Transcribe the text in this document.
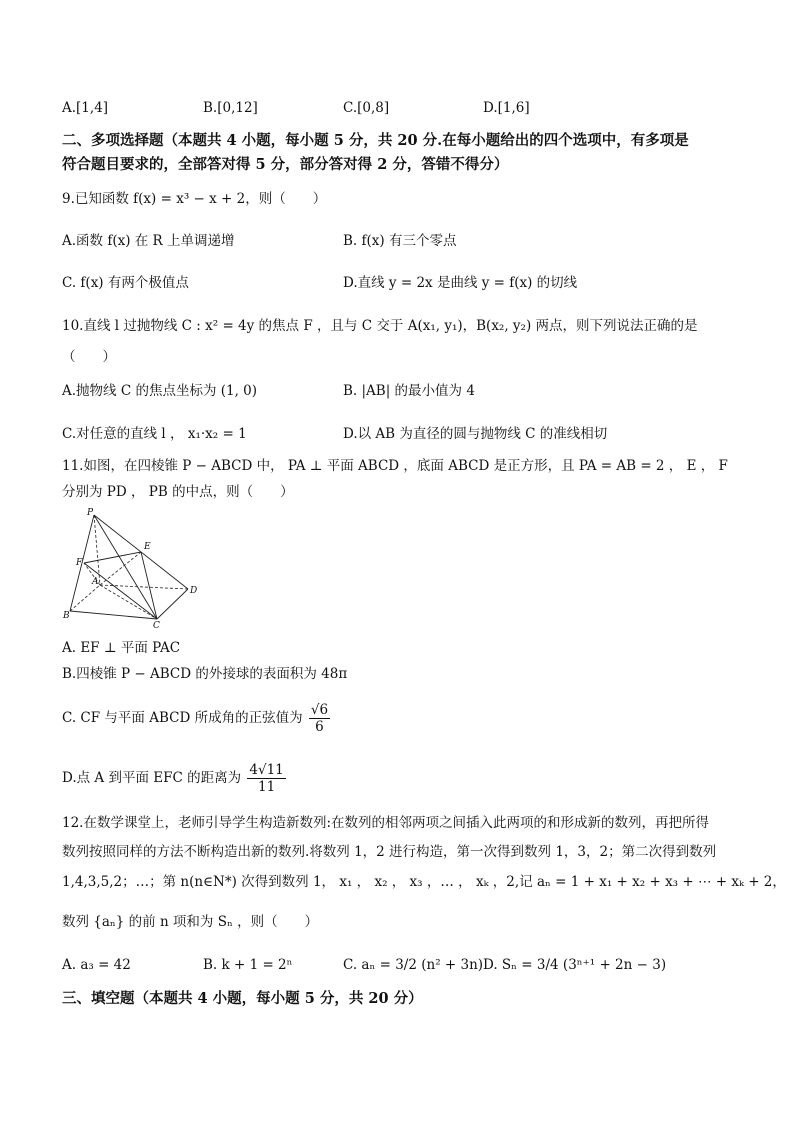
A.[1,4]	B.[0,12]	C.[0,8]	D.[1,6]
二、多项选择题（本题共 4 小题，每小题 5 分，共 20 分.在每小题给出的四个选项中，有多项是
符合题目要求的，全部答对得 5 分，部分答对得 2 分，答错不得分）
9.已知函数 f(x) = x³ − x + 2，则（　　）
A.函数 f(x) 在 R 上单调递增	B. f(x) 有三个零点
C. f(x) 有两个极值点	D.直线 y = 2x 是曲线 y = f(x) 的切线
10.直线 l 过抛物线 C : x² = 4y 的焦点 F ，且与 C 交于 A(x₁, y₁)，B(x₂, y₂) 两点，则下列说法正确的是
（　　）
A.抛物线 C 的焦点坐标为 (1, 0)	B. |AB| 的最小值为 4
C.对任意的直线 l ， x₁·x₂ = 1	D.以 AB 为直径的圆与抛物线 C 的准线相切
11.如图，在四棱锥 P − ABCD 中， PA ⊥ 平面 ABCD ，底面 ABCD 是正方形，且 PA = AB = 2 ， E ， F
分别为 PD ， PB 的中点，则（　　）
P
E
F
A
D
B
C
A. EF ⊥ 平面 PAC
B.四棱锥 P − ABCD 的外接球的表面积为 48π
C. CF 与平面 ABCD 所成角的正弦值为 $\frac{√6}{6}$
D.点 A 到平面 EFC 的距离为 $\frac{4√11}{11}$
12.在数学课堂上，老师引导学生构造新数列:在数列的相邻两项之间插入此两项的和形成新的数列，再把所得
数列按照同样的方法不断构造出新的数列.将数列 1，2 进行构造，第一次得到数列 1，3，2；第二次得到数列
1,4,3,5,2；…；第 n(n∈N*) 次得到数列 1， x₁ ， x₂ ， x₃ ，… ， xₖ ，2,记 aₙ = 1 + x₁ + x₂ + x₃ + ⋯ + xₖ + 2，
数列 {aₙ} 的前 n 项和为 Sₙ ，则（　　）
A. a₃ = 42	B. k + 1 = 2ⁿ	C. aₙ = 3/2 (n² + 3n) D. Sₙ = 3/4 (3ⁿ⁺¹ + 2n − 3)
三、填空题（本题共 4 小题，每小题 5 分，共 20 分）
